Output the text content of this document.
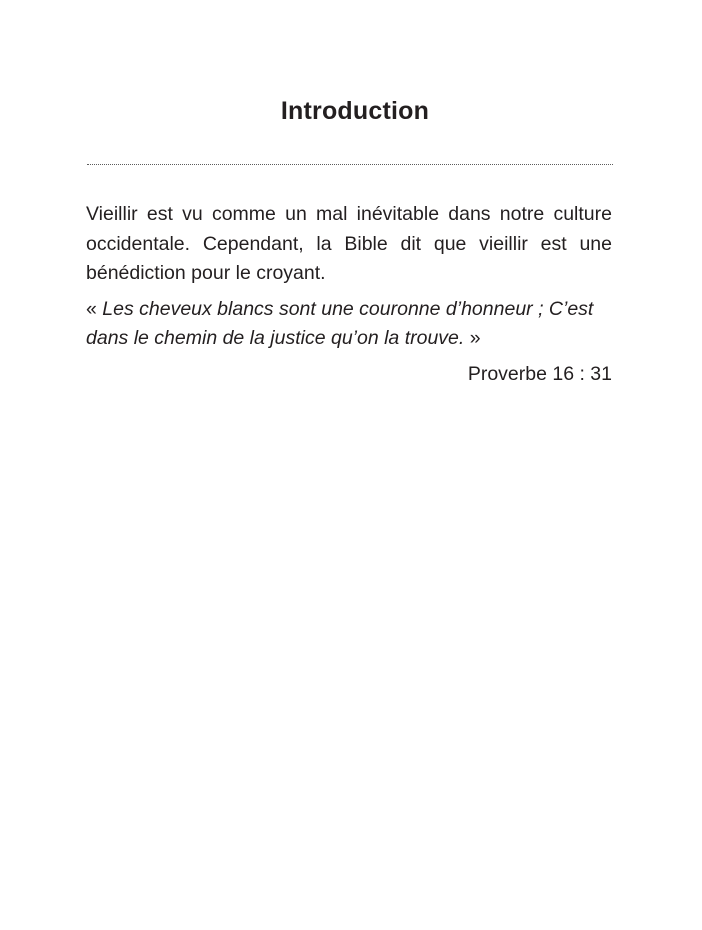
Introduction

Vieillir est vu comme un mal inévitable dans notre culture occidentale. Cependant, la Bible dit que vieillir est une bénédiction pour le croyant.

« Les cheveux blancs sont une couronne d’honneur ; C’est dans le chemin de la justice qu’on la trouve. »

Proverbe 16 : 31
